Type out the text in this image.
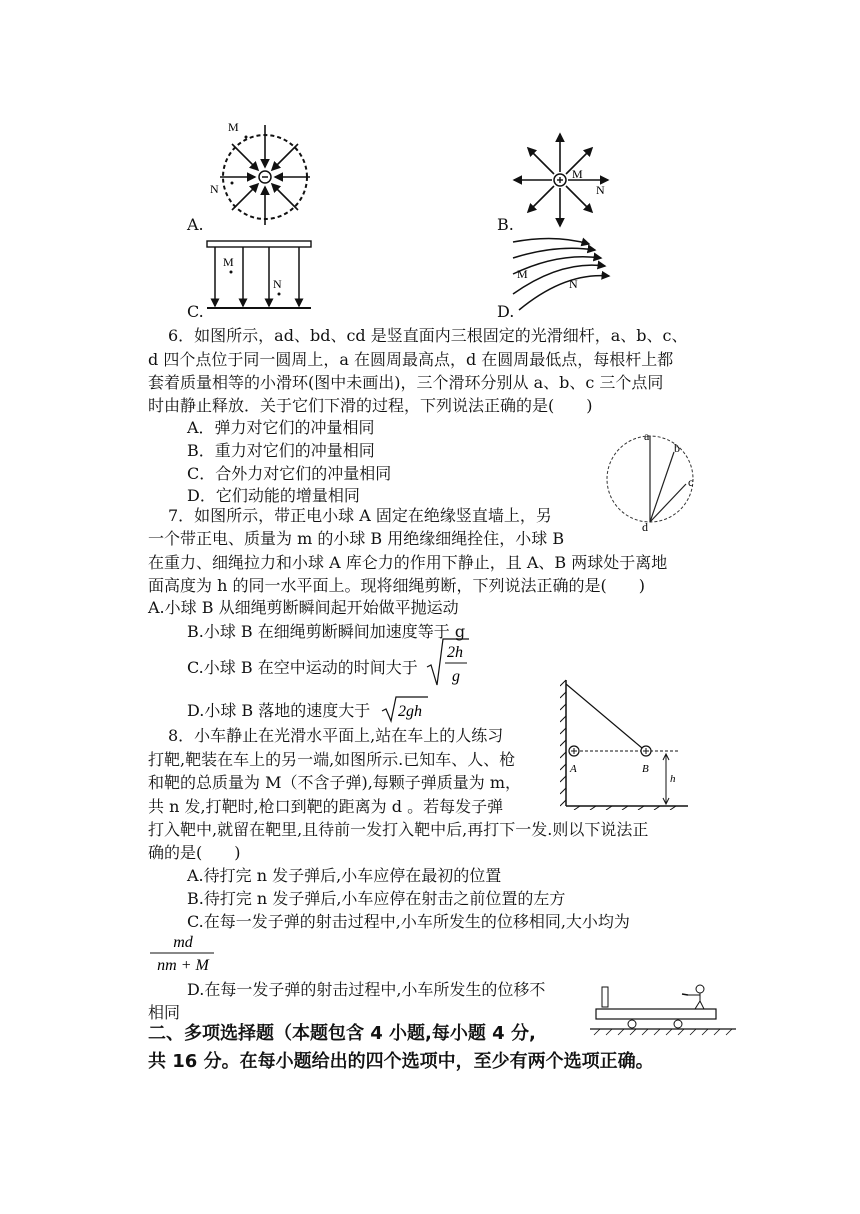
M
N
A.
M
N
B.
M
N
C.
M
N
D.
6．如图所示，ad、bd、cd 是竖直面内三根固定的光滑细杆，a、b、c、
d 四个点位于同一圆周上，a 在圆周最高点，d 在圆周最低点，每根杆上都
套着质量相等的小滑环(图中未画出)，三个滑环分别从 a、b、c 三个点同
时由静止释放．关于它们下滑的过程，下列说法正确的是(　　)
A．弹力对它们的冲量相同
B．重力对它们的冲量相同
C．合外力对它们的冲量相同
D．它们动能的增量相同
a
b
c
d
7．如图所示，带正电小球 A 固定在绝缘竖直墙上，另
一个带正电、质量为 m 的小球 B 用绝缘细绳拴住，小球 B
在重力、细绳拉力和小球 A 库仑力的作用下静止，且 A、B 两球处于离地
面高度为 h 的同一水平面上。现将细绳剪断，下列说法正确的是(　　)
A.小球 B 从细绳剪断瞬间起开始做平抛运动
B.小球 B 在细绳剪断瞬间加速度等于 g
C.小球 B 在空中运动的时间大于
2h
g
D.小球 B 落地的速度大于 2gh
A	B
h
8．小车静止在光滑水平面上,站在车上的人练习
打靶,靶装在车上的另一端,如图所示.已知车、人、枪
和靶的总质量为 M（不含子弹),每颗子弹质量为 m，
共 n 发,打靶时,枪口到靶的距离为 d 。若每发子弹
打入靶中,就留在靶里,且待前一发打入靶中后,再打下一发.则以下说法正
确的是(　　)
A.待打完 n 发子弹后,小车应停在最初的位置
B.待打完 n 发子弹后,小车应停在射击之前位置的左方
C.在每一发子弹的射击过程中,小车所发生的位移相同,大小均为
md
nm + M
D.在每一发子弹的射击过程中,小车所发生的位移不
相同
二、多项选择题（本题包含 4 小题,每小题 4 分,
共 16 分。在每小题给出的四个选项中，至少有两个选项正确。
